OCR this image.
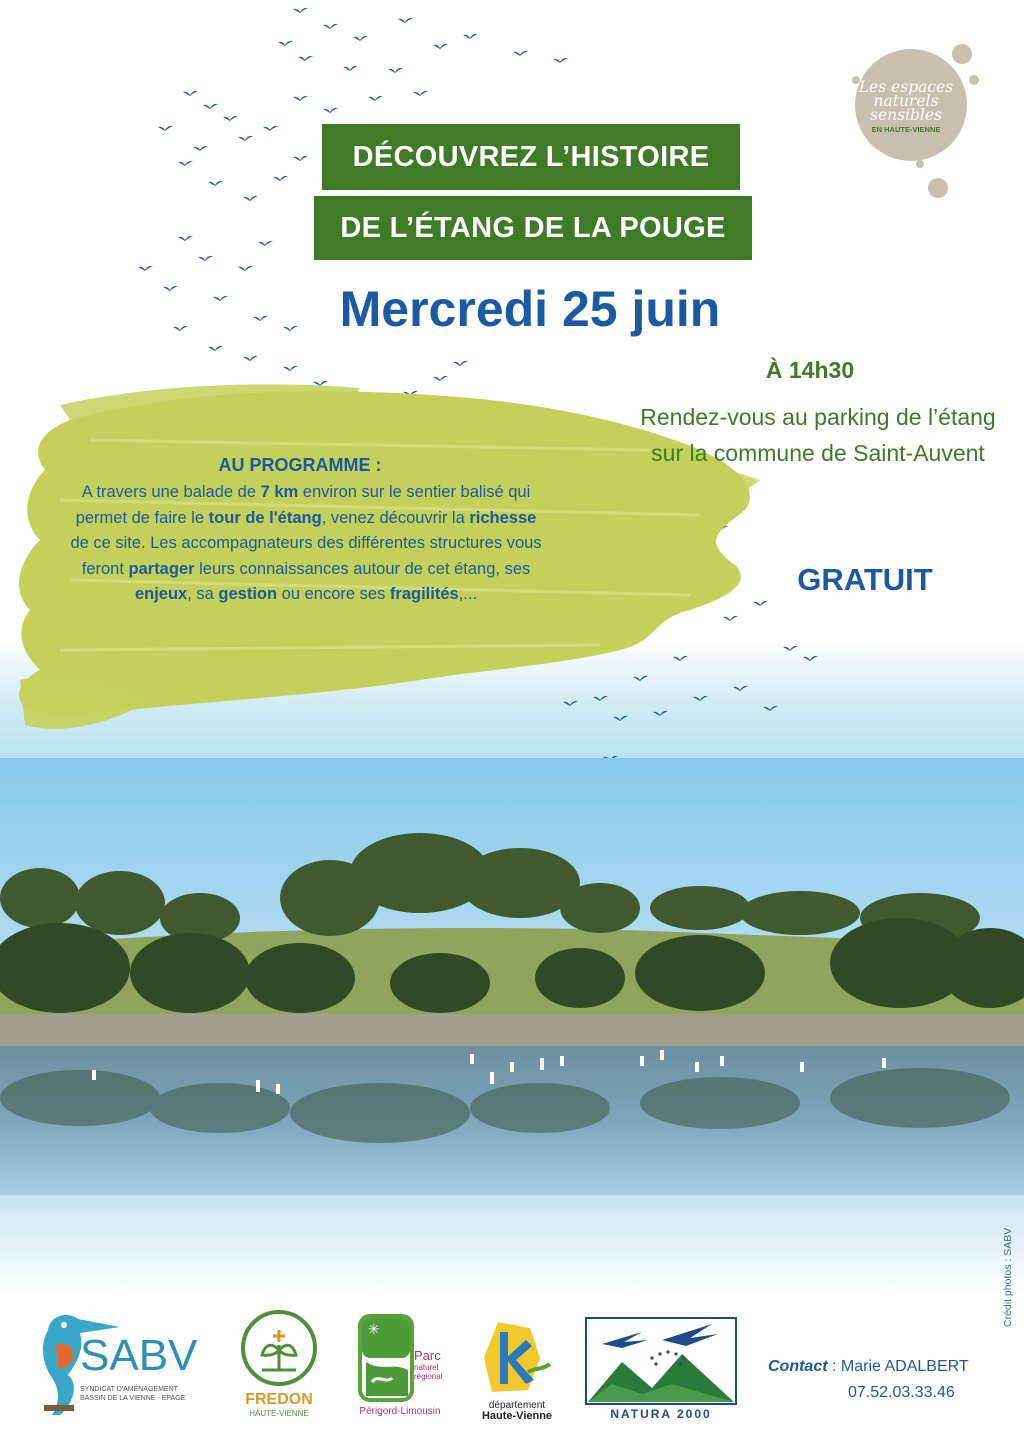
Les espaces
naturels
sensibles
EN HAUTE-VIENNE
DÉCOUVREZ L’HISTOIRE
DE L’ÉTANG DE LA POUGE
Mercredi 25 juin
À 14h30
Rendez-vous au parking de l’étang
sur la commune de Saint-Auvent
GRATUIT
AU PROGRAMME :
A travers une balade de 7 km environ sur le sentier balisé qui permet de faire le tour de l'étang, venez découvrir la richesse de ce site. Les accompagnateurs des différentes structures vous feront partager leurs connaissances autour de cet étang, ses enjeux, sa gestion ou encore ses fragilités,...
Crédit photos : SABV
SABV
SYNDICAT D'AMÉNAGEMENT
BASSIN DE LA VIENNE - EPAGE	FREDON
HAUTE-VIENNE
✳
Parc
naturel
régional
Périgord-Limousin
département
Haute-Vienne	NATURA 2000
Contact : Marie ADALBERT
07.52.03.33.46
